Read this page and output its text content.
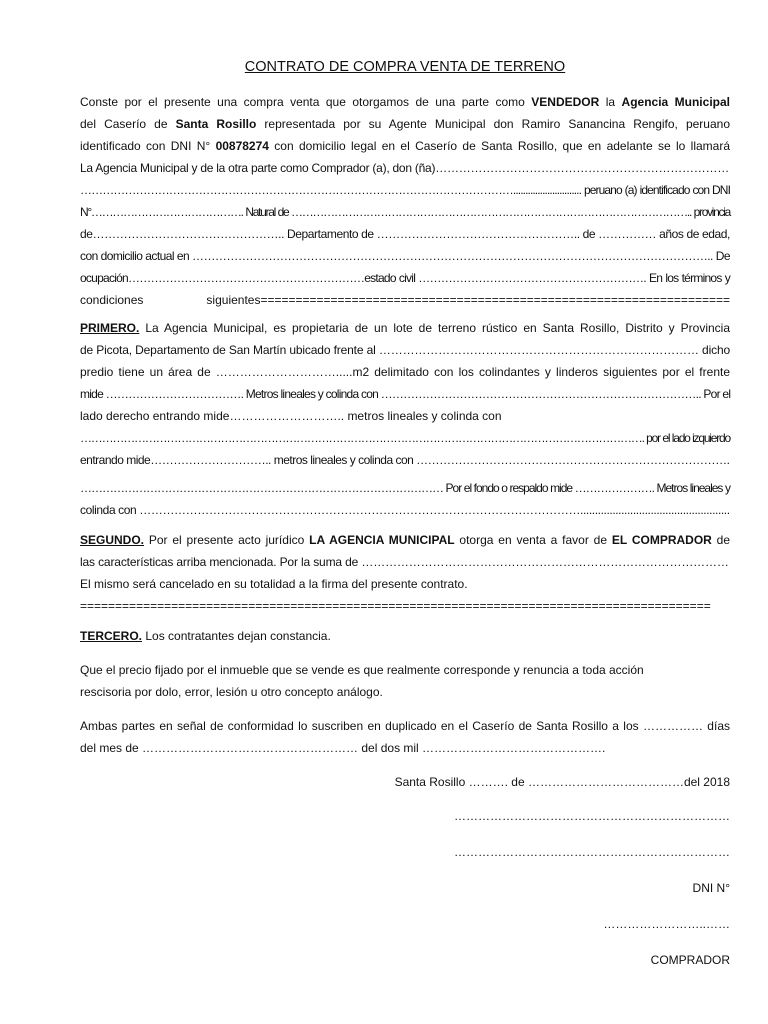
CONTRATO DE COMPRA VENTA DE TERRENO
Conste por el presente una compra venta que otorgamos de una parte como VENDEDOR la Agencia Municipal
del Caserío de Santa Rosillo representada por su Agente Municipal don Ramiro Sanancina Rengifo, peruano
identificado con DNI N° 00878274 con domicilio legal en el Caserío de Santa Rosillo, que en adelante se lo llamará
La Agencia Municipal y de la otra parte como Comprador (a), don (ña)…………………………………………………………………
………………………………………………………………………………………………………............................ peruano (a) identificado con DNI
N°……………………………………. Natural de ………………………………………………………………………………………………….. provincia
de………………………………………….. Departamento de …………………………………………….. de …………… años de edad,
con domicilio actual en ……………………………………………………………………………………………………………………….. De
ocupación………………………………………………………estado civil ……………………………………………………. En los términos y
condiciones siguientes===================================================================
PRIMERO. La Agencia Municipal, es propietaria de un lote de terreno rústico en Santa Rosillo, Distrito y Provincia
de Picota, Departamento de San Martín ubicado frente al ……………………………………………………………………… dicho
predio tiene un área de ………………………….....m2 delimitado con los colindantes y linderos siguientes por el frente
mide ………………………………. Metros lineales y colinda con ………………………………………………………………………….. Por el
lado derecho entrando mide……………………….. metros lineales y colinda con
…………………………………………………………………………………………………………………………………………. por el lado izquierdo
entrando mide………………………….. metros lineales y colinda con ……………………………………………………………………….
……………………………………………………………………………………… Por el fondo o respaldo mide …………………. Metros lineales y
colinda con ……………………………………………………………………………………………………...................................................
SEGUNDO. Por el presente acto jurídico LA AGENCIA MUNICIPAL otorga en venta a favor de EL COMPRADOR de
las características arriba mencionada. Por la suma de …………………………………………………………………………………
El mismo será cancelado en su totalidad a la firma del presente contrato.
==========================================================================================
TERCERO. Los contratantes dejan constancia.
Que el precio fijado por el inmueble que se vende es que realmente corresponde y renuncia a toda acción
rescisoria por dolo, error, lesión u otro concepto análogo.
Ambas partes en señal de conformidad lo suscriben en duplicado en el Caserío de Santa Rosillo a los …………… días
del mes de ……………………………………………… del dos mil ……………………………………….
Santa Rosillo ………. de …………………………………del 2018
……………………………………………………………
……………………………………………………………
DNI N°
……………………..……
COMPRADOR
